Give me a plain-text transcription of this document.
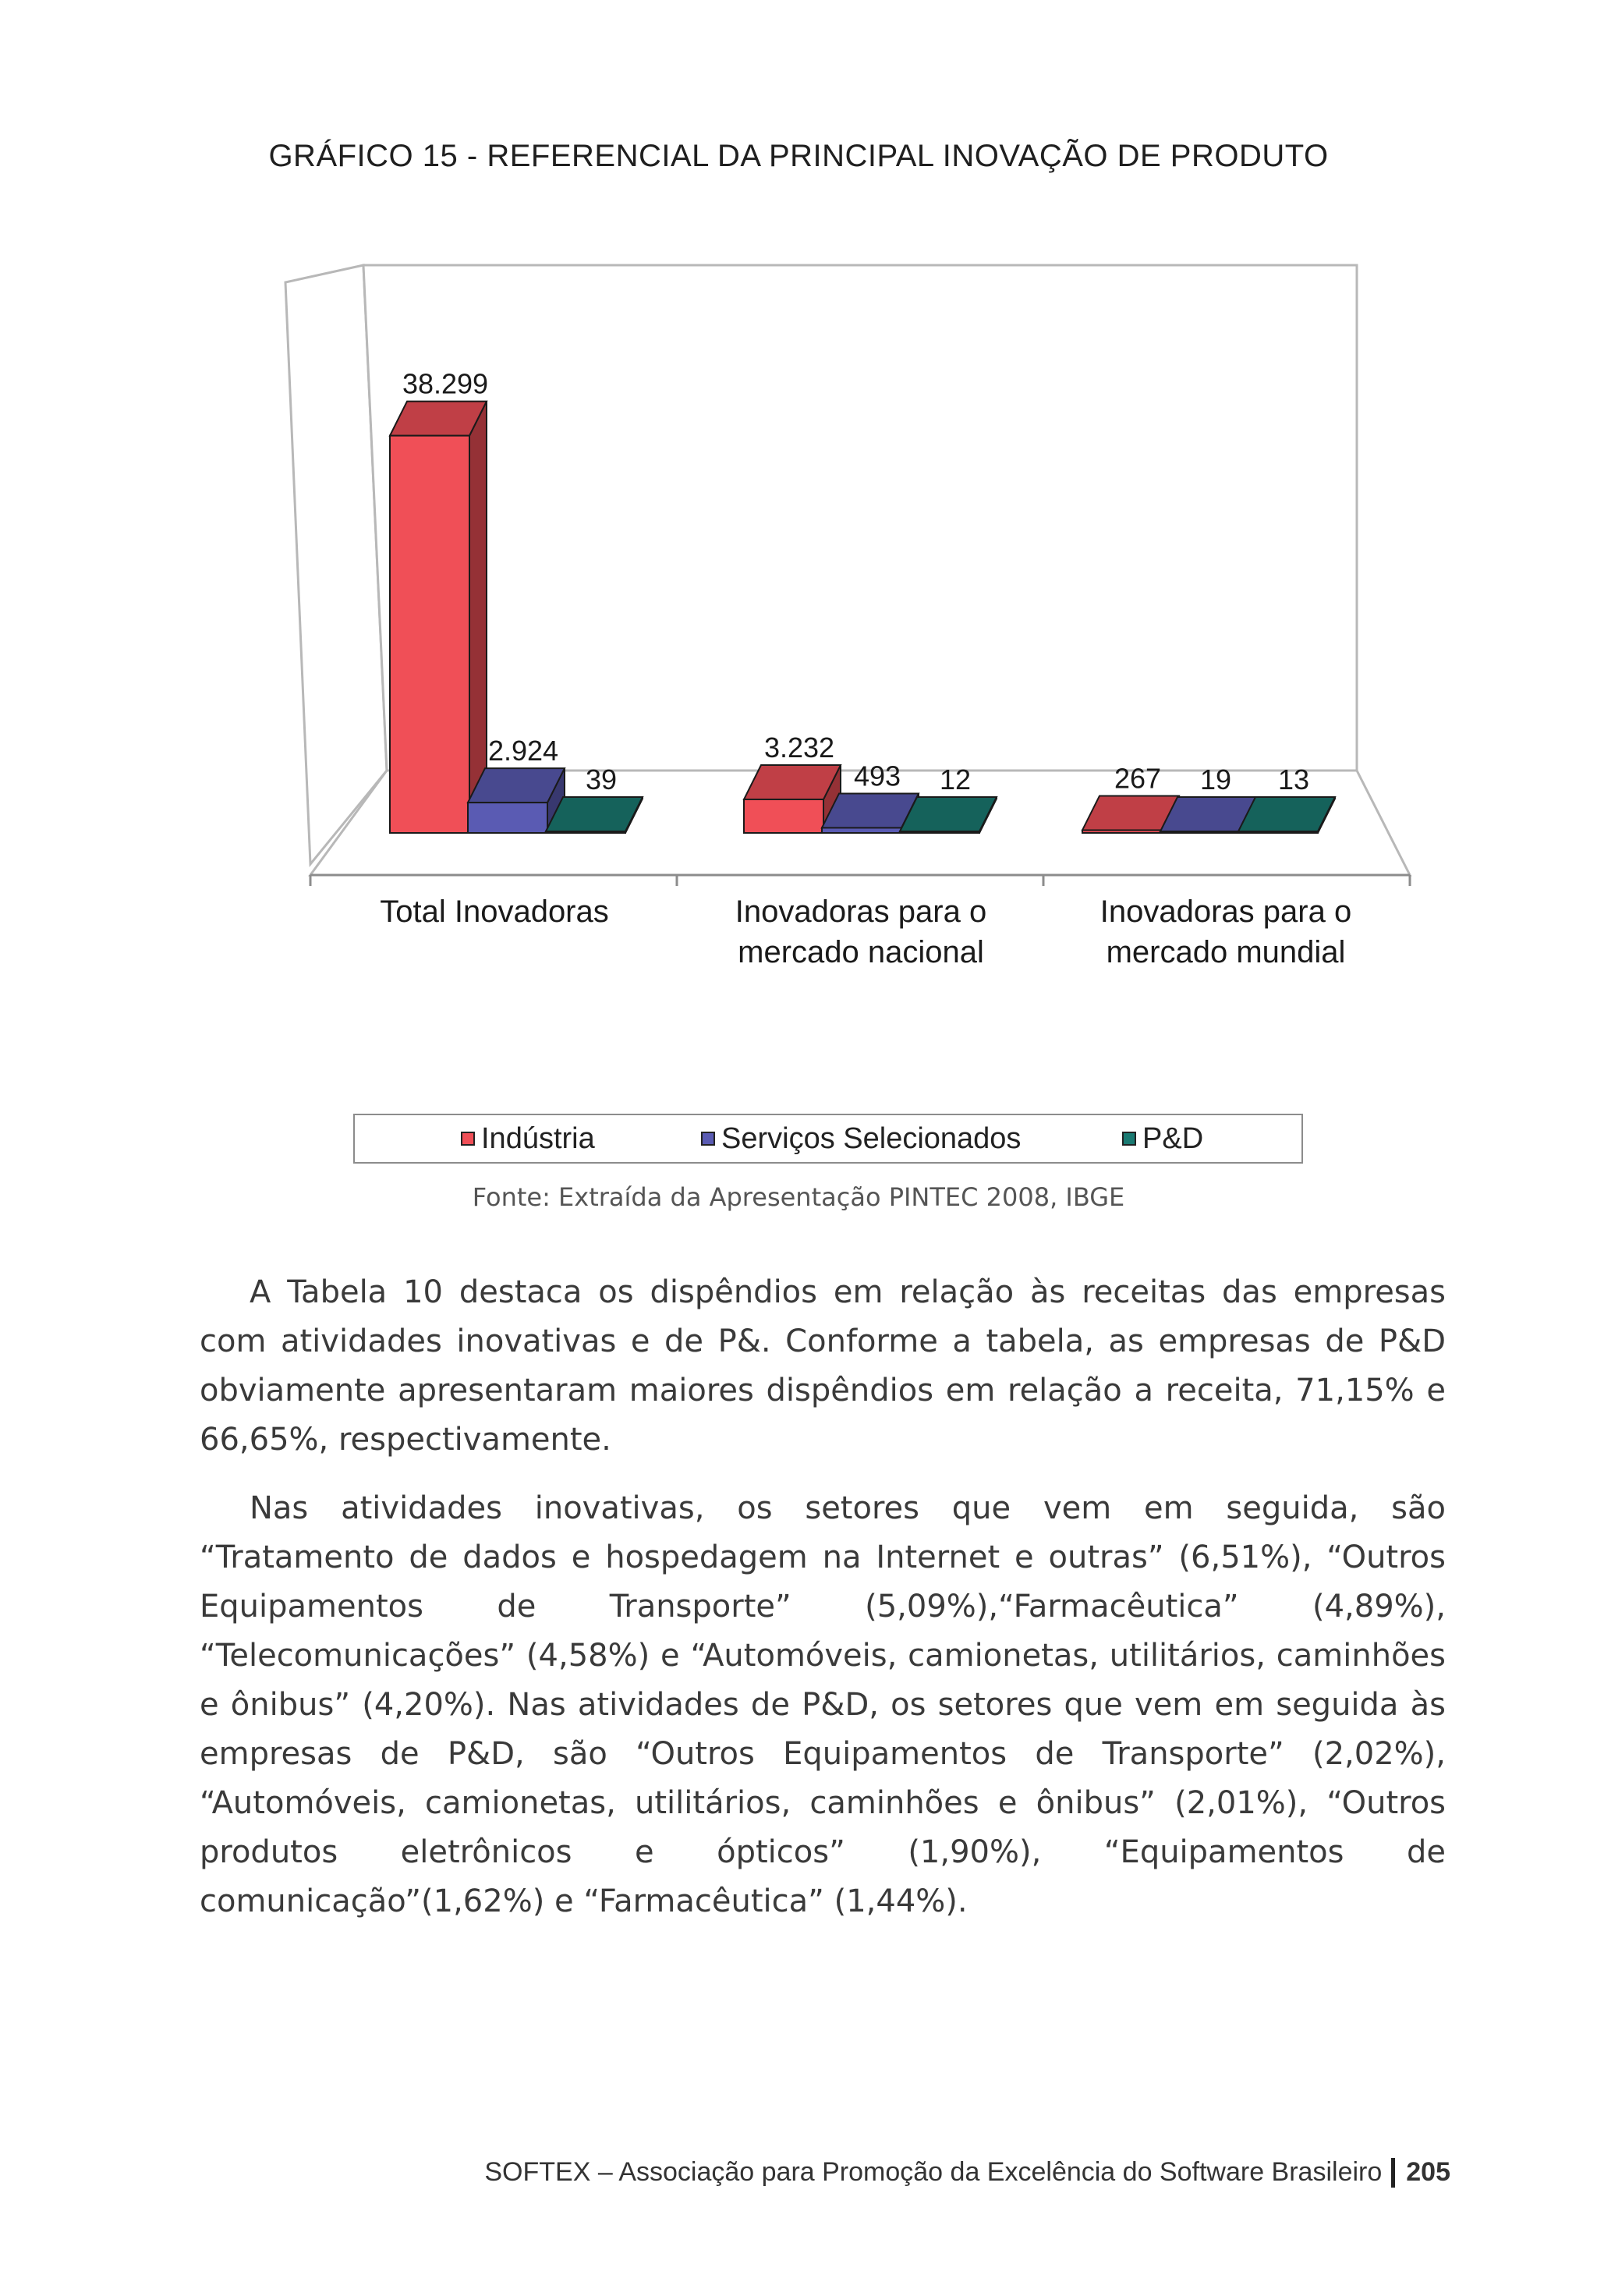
GRÁFICO 15 - REFERENCIAL DA PRINCIPAL INOVAÇÃO DE PRODUTO
38.299
2.924
39
3.232
493 12	267 19 13
Total Inovadoras	Inovadoras para o
mercado nacional
Inovadoras para o
mercado mundial
Indústria	Serviços Selecionados	P&D
Fonte: Extraída da Apresentação PINTEC 2008, IBGE

A Tabela 10 destaca os dispêndios em relação às receitas das empresas com atividades inovativas e de P&. Conforme a tabela, as empresas de P&D obviamente apresentaram maiores dispêndios em relação a receita, 71,15% e 66,65%, respectivamente.

Nas atividades inovativas, os setores que vem em seguida, são “Tratamento de dados e hospedagem na Internet e outras” (6,51%), “Outros Equipamentos de Transporte” (5,09%),“Farmacêutica” (4,89%), “Telecomunicações” (4,58%) e “Automóveis, camionetas, utilitários, caminhões e ônibus” (4,20%). Nas atividades de P&D, os setores que vem em seguida às empresas de P&D, são “Outros Equipamentos de Transporte” (2,02%), “Automóveis, camionetas, utilitários, caminhões e ônibus” (2,01%), “Outros produtos eletrônicos e ópticos” (1,90%), “Equipamentos de comunicação”(1,62%) e “Farmacêutica” (1,44%).

SOFTEX – Associação para Promoção da Excelência do Software Brasileiro 205
